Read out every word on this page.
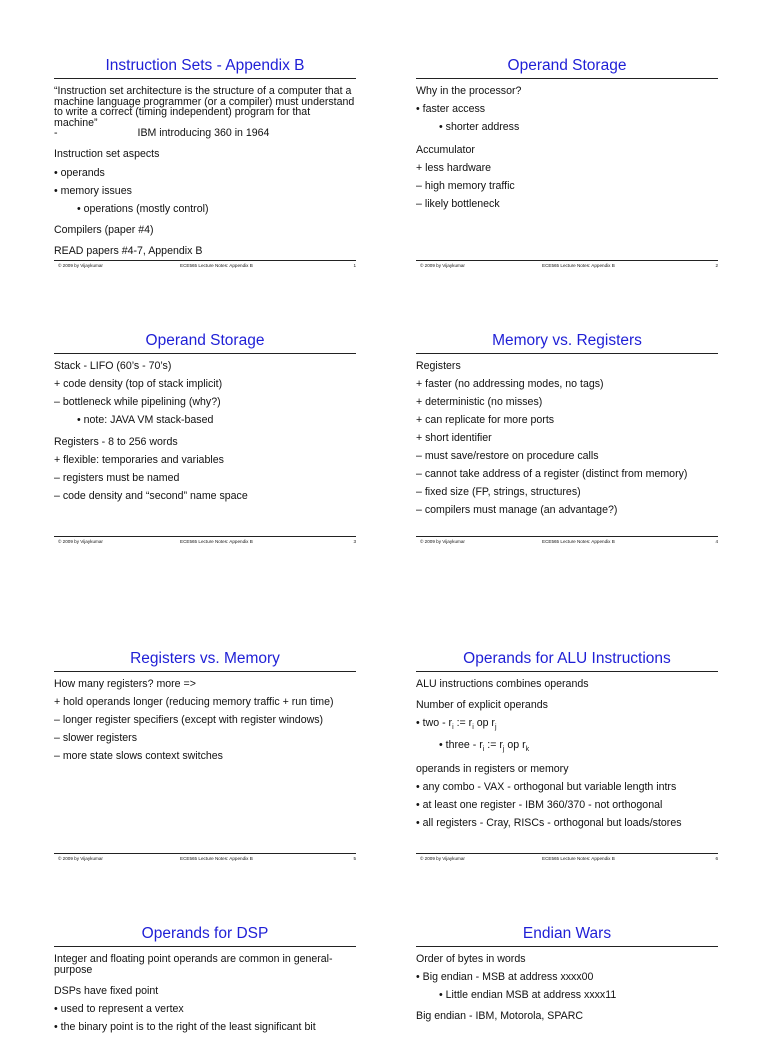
Instruction Sets - Appendix B
“Instruction set architecture is the structure of a computer that a machine language programmer (or a compiler) must understand to write a correct (timing independent) program for that machine”
-	IBM introducing 360 in 1964
Instruction set aspects
• operands
• memory issues
• operations (mostly control)
Compilers (paper #4)
READ papers #4-7, Appendix B
© 2009 by Vijaykumar	ECE565 Lecture Notes: Appendix B	1
Operand Storage
Why in the processor?
• faster access
• shorter address
Accumulator
+ less hardware
– high memory traffic
– likely bottleneck
© 2009 by Vijaykumar	ECE565 Lecture Notes: Appendix B	2
Operand Storage
Stack - LIFO (60’s - 70’s)
+ code density (top of stack implicit)
– bottleneck while pipelining (why?)
• note: JAVA VM stack-based
Registers - 8 to 256 words
+ flexible: temporaries and variables
– registers must be named
– code density and “second” name space
© 2009 by Vijaykumar	ECE565 Lecture Notes: Appendix B	3
Memory vs. Registers
Registers
+ faster (no addressing modes, no tags)
+ deterministic (no misses)
+ can replicate for more ports
+ short identifier
– must save/restore on procedure calls
– cannot take address of a register (distinct from memory)
– fixed size (FP, strings, structures)
– compilers must manage (an advantage?)
© 2009 by Vijaykumar	ECE565 Lecture Notes: Appendix B	4
Registers vs. Memory
How many registers? more =>
+ hold operands longer (reducing memory traffic + run time)
– longer register specifiers (except with register windows)
– slower registers
– more state slows context switches
© 2009 by Vijaykumar	ECE565 Lecture Notes: Appendix B	5
Operands for ALU Instructions
ALU instructions combines operands
Number of explicit operands
• two - $r_i$ := $r_i$ op $r_j$
• three - $r_i$ := $r_j$ op $r_k$
operands in registers or memory
• any combo - VAX - orthogonal but variable length intrs
• at least one register - IBM 360/370 - not orthogonal
• all registers - Cray, RISCs - orthogonal but loads/stores
© 2009 by Vijaykumar	ECE565 Lecture Notes: Appendix B	6
Operands for DSP
Integer and floating point operands are common in general-purpose
DSPs have fixed point
• used to represent a vertex
• the binary point is to the right of the least significant bit
Endian Wars
Order of bytes in words
• Big endian - MSB at address xxxx00
• Little endian MSB at address xxxx11
Big endian - IBM, Motorola, SPARC
